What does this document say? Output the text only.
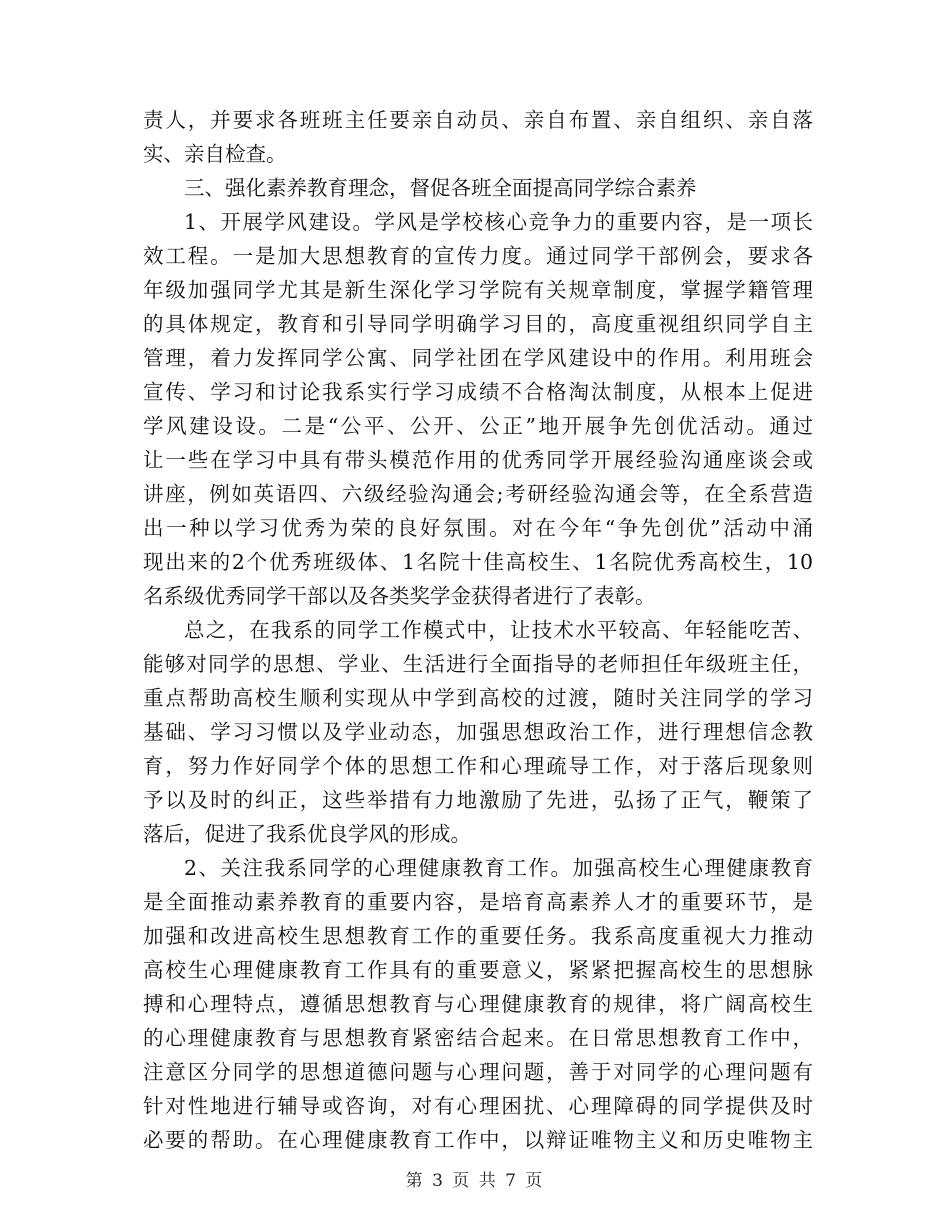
责人，并要求各班班主任要亲自动员、亲自布置、亲自组织、亲自落
实、亲自检查。
三、强化素养教育理念，督促各班全面提高同学综合素养
1、开展学风建设。学风是学校核心竞争力的重要内容，是一项长
效工程。一是加大思想教育的宣传力度。通过同学干部例会，要求各
年级加强同学尤其是新生深化学习学院有关规章制度，掌握学籍管理
的具体规定，教育和引导同学明确学习目的，高度重视组织同学自主
管理，着力发挥同学公寓、同学社团在学风建设中的作用。利用班会
宣传、学习和讨论我系实行学习成绩不合格淘汰制度，从根本上促进
学风建设设。二是“公平、公开、公正”地开展争先创优活动。通过
让一些在学习中具有带头模范作用的优秀同学开展经验沟通座谈会或
讲座，例如英语四、六级经验沟通会;考研经验沟通会等，在全系营造
出一种以学习优秀为荣的良好氛围。对在今年“争先创优”活动中涌
现出来的2个优秀班级体、1名院十佳高校生、1名院优秀高校生，10
名系级优秀同学干部以及各类奖学金获得者进行了表彰。
总之，在我系的同学工作模式中，让技术水平较高、年轻能吃苦、
能够对同学的思想、学业、生活进行全面指导的老师担任年级班主任，
重点帮助高校生顺利实现从中学到高校的过渡，随时关注同学的学习
基础、学习习惯以及学业动态，加强思想政治工作，进行理想信念教
育，努力作好同学个体的思想工作和心理疏导工作，对于落后现象则
予以及时的纠正，这些举措有力地激励了先进，弘扬了正气，鞭策了
落后，促进了我系优良学风的形成。
2、关注我系同学的心理健康教育工作。加强高校生心理健康教育
是全面推动素养教育的重要内容，是培育高素养人才的重要环节，是
加强和改进高校生思想教育工作的重要任务。我系高度重视大力推动
高校生心理健康教育工作具有的重要意义，紧紧把握高校生的思想脉
搏和心理特点，遵循思想教育与心理健康教育的规律，将广阔高校生
的心理健康教育与思想教育紧密结合起来。在日常思想教育工作中，
注意区分同学的思想道德问题与心理问题，善于对同学的心理问题有
针对性地进行辅导或咨询，对有心理困扰、心理障碍的同学提供及时
必要的帮助。在心理健康教育工作中，以辩证唯物主义和历史唯物主
第 3 页 共 7 页
